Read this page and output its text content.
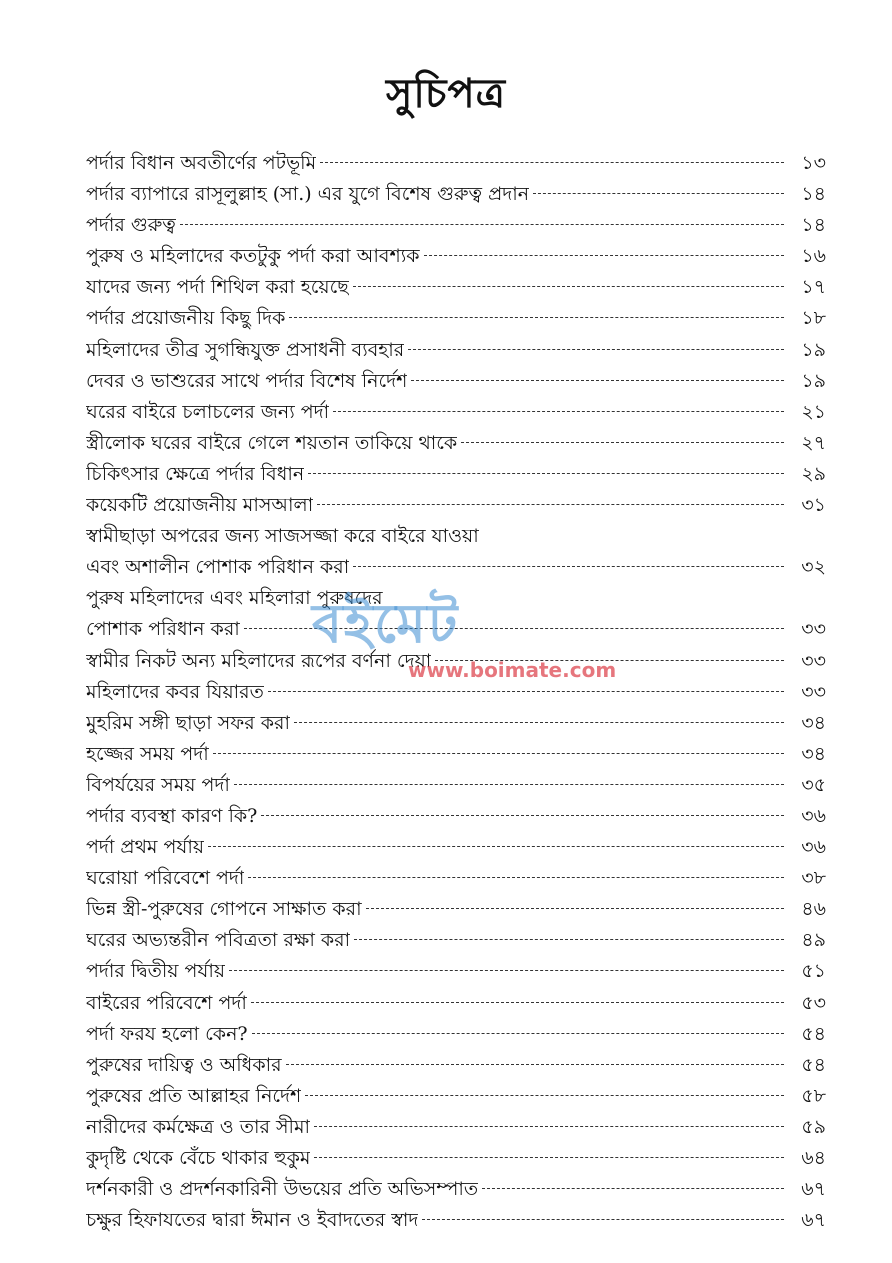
সুচিপত্র
পর্দার বিধান অবতীর্ণের পটভূমি	১৩
পর্দার ব্যাপারে রাসূলুল্লাহ (সা.) এর যুগে বিশেষ গুরুত্ব প্রদান	১৪
পর্দার গুরুত্ব	১৪
পুরুষ ও মহিলাদের কতটুকু পর্দা করা আবশ্যক	১৬
যাদের জন্য পর্দা শিথিল করা হয়েছে	১৭
পর্দার প্রয়োজনীয় কিছু দিক	১৮
মহিলাদের তীব্র সুগন্ধিযুক্ত প্রসাধনী ব্যবহার	১৯
দেবর ও ভাশুরের সাথে পর্দার বিশেষ নির্দেশ	১৯
ঘরের বাইরে চলাচলের জন্য পর্দা	২১
স্ত্রীলোক ঘরের বাইরে গেলে শয়তান তাকিয়ে থাকে	২৭
চিকিৎসার ক্ষেত্রে পর্দার বিধান	২৯
কয়েকটি প্রয়োজনীয় মাসআলা	৩১
স্বামীছাড়া অপরের জন্য সাজসজ্জা করে বাইরে যাওয়া
এবং অশালীন পোশাক পরিধান করা	৩২
পুরুষ মহিলাদের এবং মহিলারা পুরুষদের
পোশাক পরিধান করা	৩৩
স্বামীর নিকট অন্য মহিলাদের রূপের বর্ণনা দেয়া	৩৩
মহিলাদের কবর যিয়ারত	৩৩
মুহরিম সঙ্গী ছাড়া সফর করা	৩৪
হজ্জের সময় পর্দা	৩৪
বিপর্যয়ের সময় পর্দা	৩৫
পর্দার ব্যবস্থা কারণ কি?	৩৬
পর্দা প্রথম পর্যায়	৩৬
ঘরোয়া পরিবেশে পর্দা	৩৮
ভিন্ন স্ত্রী-পুরুষের গোপনে সাক্ষাত করা	৪৬
ঘরের অভ্যন্তরীন পবিত্রতা রক্ষা করা	৪৯
পর্দার দ্বিতীয় পর্যায়	৫১
বাইরের পরিবেশে পর্দা	৫৩
পর্দা ফরয হলো কেন?	৫৪
পুরুষের দায়িত্ব ও অধিকার	৫৪
পুরুষের প্রতি আল্লাহর নির্দেশ	৫৮
নারীদের কর্মক্ষেত্র ও তার সীমা	৫৯
কুদৃষ্টি থেকে বেঁচে থাকার হুকুম	৬৪
দর্শনকারী ও প্রদর্শনকারিনী উভয়ের প্রতি অভিসম্পাত	৬৭
চক্ষুর হিফাযতের দ্বারা ঈমান ও ইবাদতের স্বাদ	৬৭
বইমেট
www.boimate.com
